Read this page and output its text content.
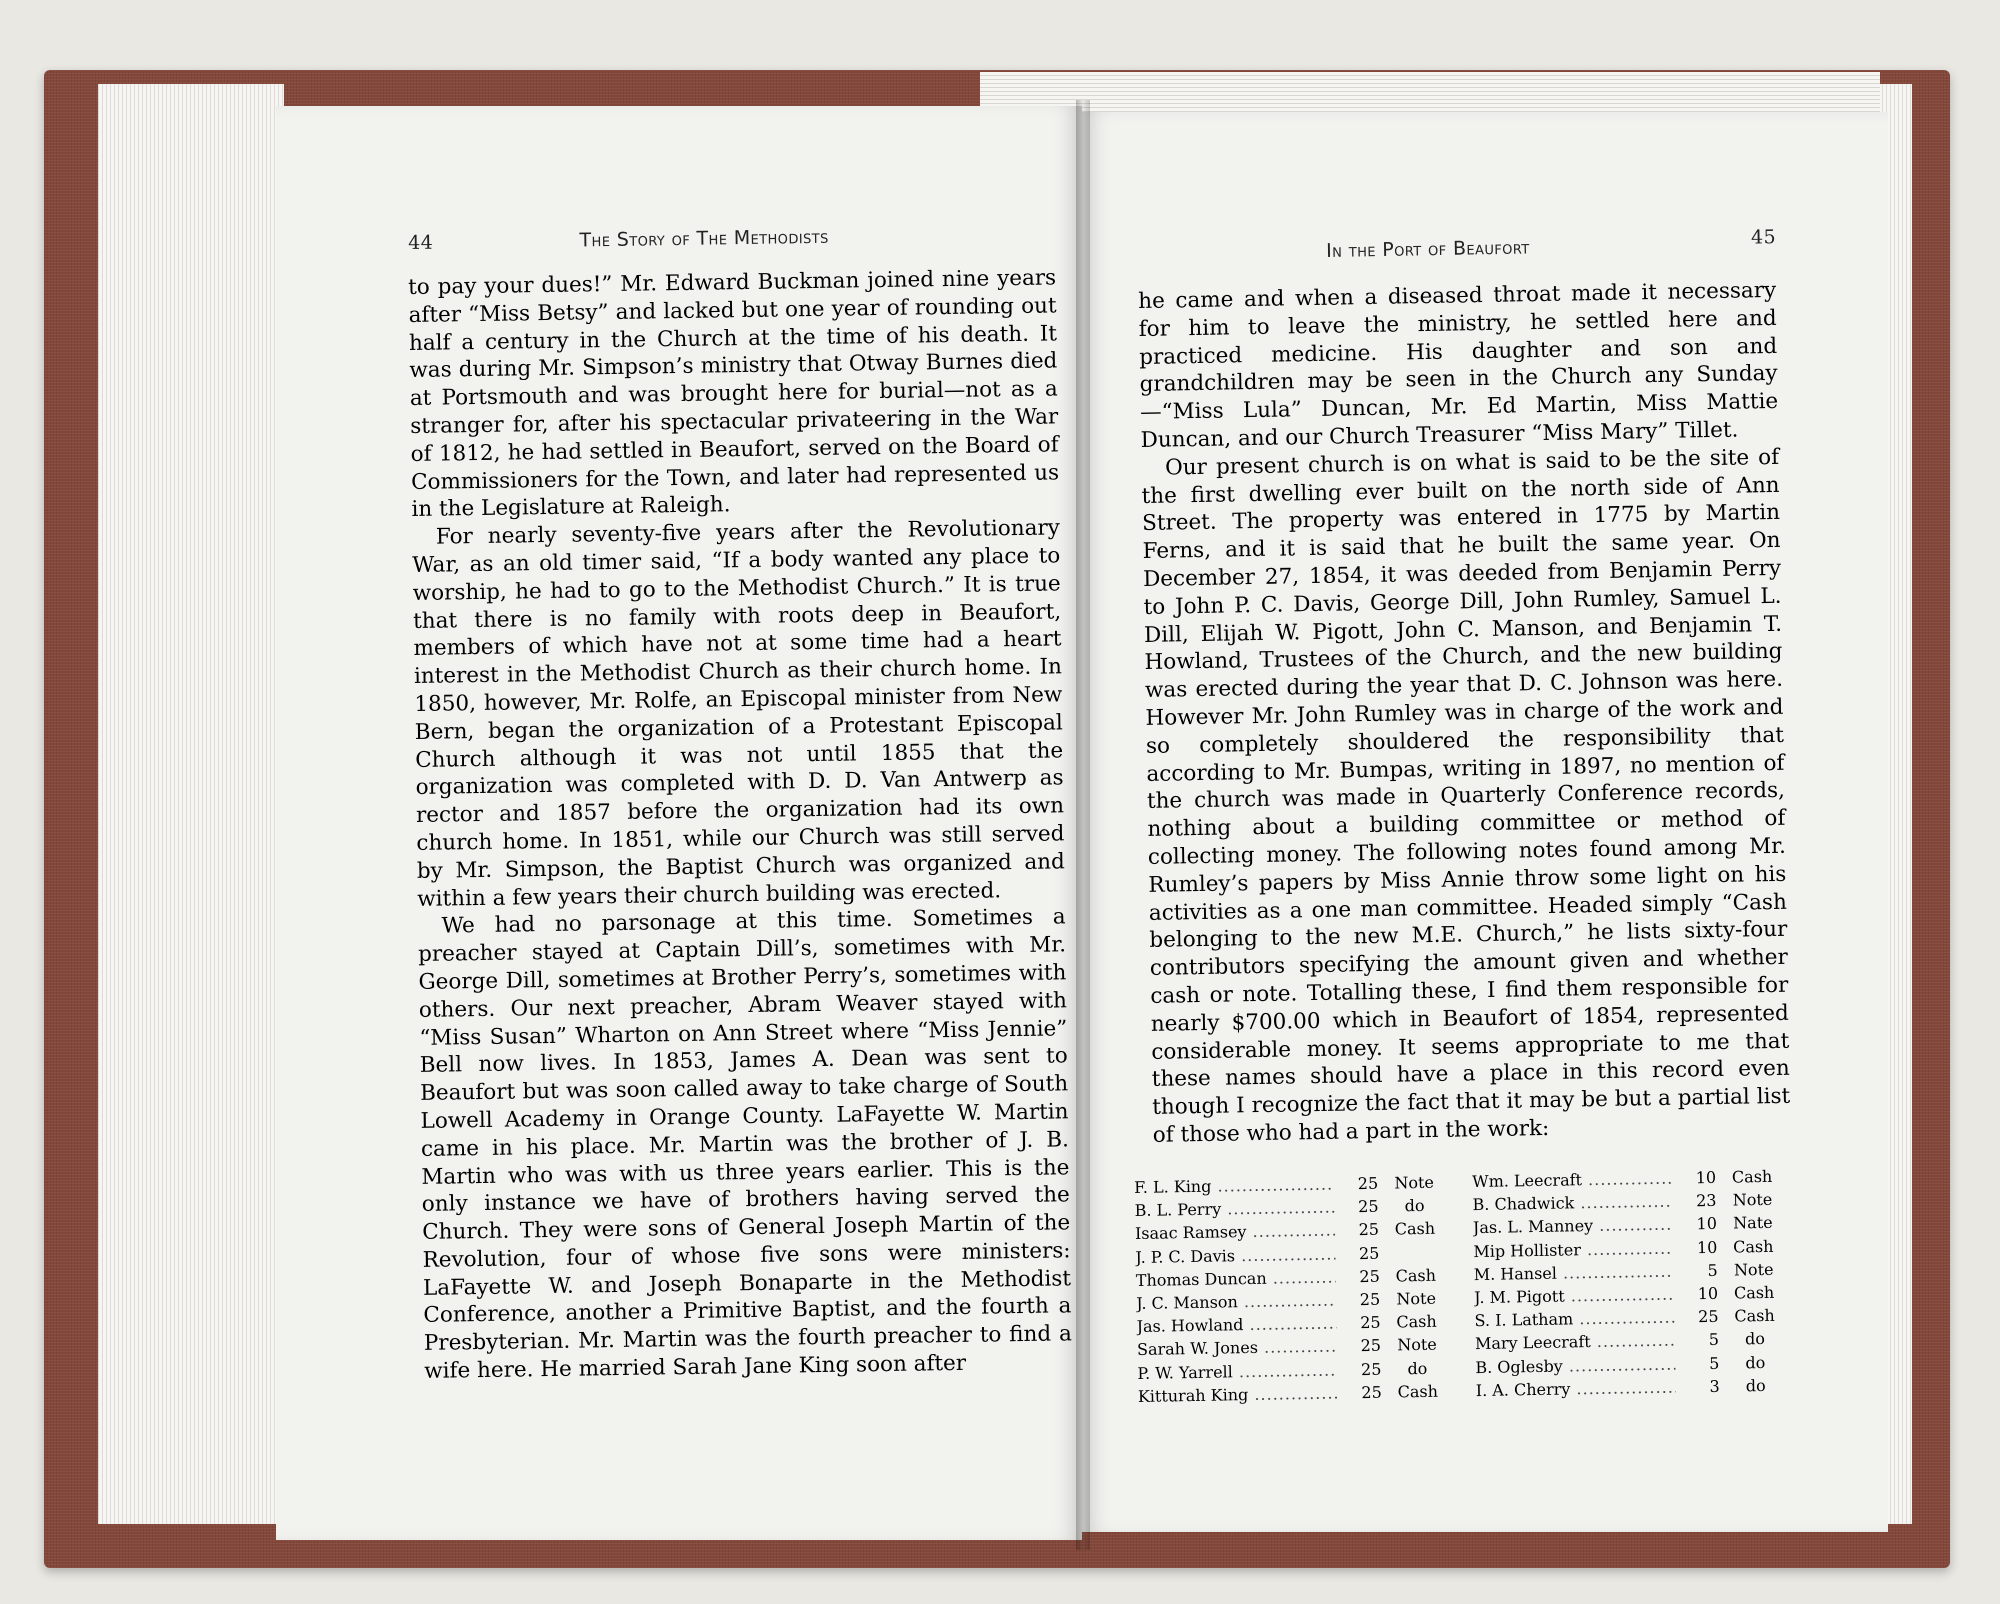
44	The Story of The Methodists

to pay your dues!” Mr. Edward Buckman joined nine years after “Miss Betsy” and lacked but one year of rounding out half a century in the Church at the time of his death. It was during Mr. Simpson’s ministry that Otway Burnes died at Portsmouth and was brought here for burial—not as a stranger for, after his spectacular privateering in the War of 1812, he had settled in Beaufort, served on the Board of Commissioners for the Town, and later had represented us in the Legislature at Raleigh.

For nearly seventy-five years after the Revolutionary War, as an old timer said, “If a body wanted any place to worship, he had to go to the Methodist Church.” It is true that there is no family with roots deep in Beaufort, members of which have not at some time had a heart interest in the Methodist Church as their church home. In 1850, however, Mr. Rolfe, an Episcopal minister from New Bern, began the organization of a Protestant Episcopal Church although it was not until 1855 that the organization was completed with D. D. Van Antwerp as rector and 1857 before the organization had its own church home. In 1851, while our Church was still served by Mr. Simpson, the Baptist Church was organized and within a few years their church building was erected.

We had no parsonage at this time. Sometimes a preacher stayed at Captain Dill’s, sometimes with Mr. George Dill, sometimes at Brother Perry’s, sometimes with others. Our next preacher, Abram Weaver stayed with “Miss Susan” Wharton on Ann Street where “Miss Jennie” Bell now lives. In 1853, James A. Dean was sent to Beaufort but was soon called away to take charge of South Lowell Academy in Orange County. LaFayette W. Martin came in his place. Mr. Martin was the brother of J. B. Martin who was with us three years earlier. This is the only instance we have of brothers having served the Church. They were sons of General Joseph Martin of the Revolution, four of whose five sons were ministers: LaFayette W. and Joseph Bonaparte in the Methodist Conference, another a Primitive Baptist, and the fourth a Presbyterian. Mr. Martin was the fourth preacher to find a wife here. He married Sarah Jane King soon after

In the Port of Beaufort	45

he came and when a diseased throat made it necessary for him to leave the ministry, he settled here and practiced medicine. His daughter and son and grandchildren may be seen in the Church any Sunday—“Miss Lula” Duncan, Mr. Ed Martin, Miss Mattie Duncan, and our Church Treasurer “Miss Mary” Tillet.

Our present church is on what is said to be the site of the first dwelling ever built on the north side of Ann Street. The property was entered in 1775 by Martin Ferns, and it is said that he built the same year. On December 27, 1854, it was deeded from Benjamin Perry to John P. C. Davis, George Dill, John Rumley, Samuel L. Dill, Elijah W. Pigott, John C. Manson, and Benjamin T. Howland, Trustees of the Church, and the new building was erected during the year that D. C. Johnson was here. However Mr. John Rumley was in charge of the work and so completely shouldered the responsibility that according to Mr. Bumpas, writing in 1897, no mention of the church was made in Quarterly Conference records, nothing about a building committee or method of collecting money. The following notes found among Mr. Rumley’s papers by Miss Annie throw some light on his activities as a one man committee. Headed simply “Cash belonging to the new M.E. Church,” he lists sixty-four contributors specifying the amount given and whether cash or note. Totalling these, I find them responsible for nearly $700.00 which in Beaufort of 1854, represented considerable money. It seems appropriate to me that these names should have a place in this record even though I recognize the fact that it may be but a partial list of those who had a part in the work:

F. L. King .....	25 Note
B. L. Perry .....	25	do
Isaac Ramsey .....	25 Cash
J. P. C. Davis .....	25
Thomas Duncan .....	25 Cash
J. C. Manson .....	25 Note
Jas. Howland .....	25 Cash
Sarah W. Jones .....	25 Note
P. W. Yarrell .....	25	do
Kitturah King .....	25 Cash
Wm. Leecraft .....	10 Cash
B. Chadwick .....	23 Note
Jas. L. Manney .....	10 Nate
Mip Hollister .....	10 Cash
M. Hansel .....	5 Note
J. M. Pigott .....	10 Cash
S. I. Latham .....	25 Cash
Mary Leecraft .....	5	do
B. Oglesby .....	5	do
I. A. Cherry .....	3	do
